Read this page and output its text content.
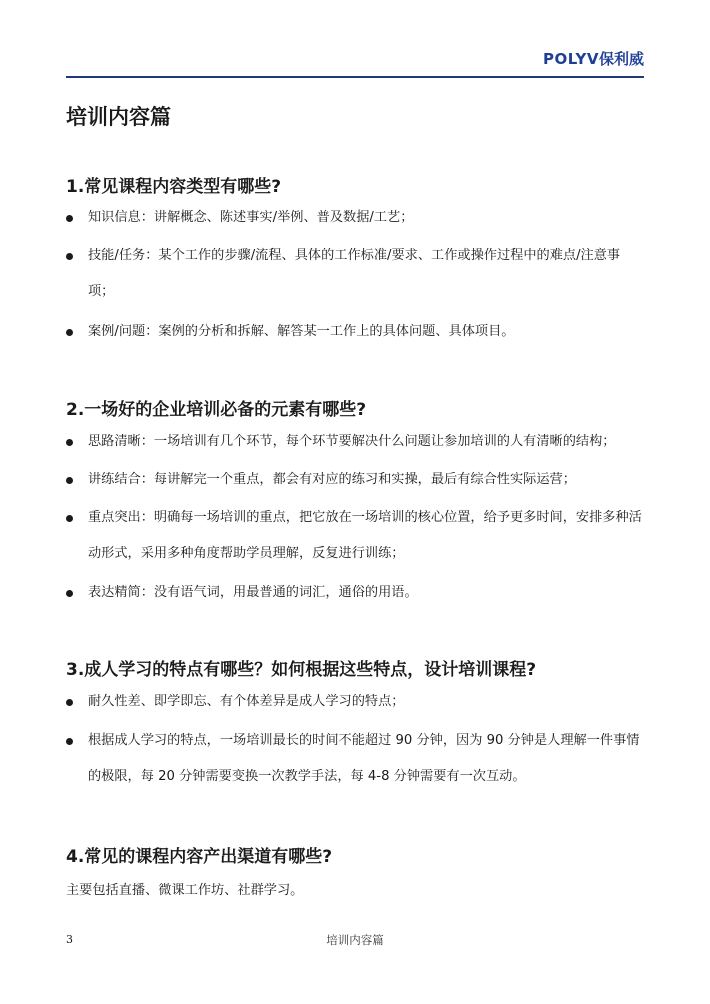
POLYV 保利威
培训内容篇
1.常见课程内容类型有哪些?
知识信息：讲解概念、陈述事实/举例、普及数据/工艺；
技能/任务：某个工作的步骤/流程、具体的工作标准/要求、工作或操作过程中的难点/注意事项；
案例/问题：案例的分析和拆解、解答某一工作上的具体问题、具体项目。
2.一场好的企业培训必备的元素有哪些?
思路清晰：一场培训有几个环节，每个环节要解决什么问题让参加培训的人有清晰的结构；
讲练结合：每讲解完一个重点，都会有对应的练习和实操，最后有综合性实际运营；
重点突出：明确每一场培训的重点，把它放在一场培训的核心位置，给予更多时间，安排多种活动形式，采用多种角度帮助学员理解，反复进行训练；
表达精简：没有语气词，用最普通的词汇，通俗的用语。
3.成人学习的特点有哪些？如何根据这些特点，设计培训课程?
耐久性差、即学即忘、有个体差异是成人学习的特点；
根据成人学习的特点，一场培训最长的时间不能超过 90 分钟，因为 90 分钟是人理解一件事情的极限，每 20 分钟需要变换一次教学手法，每 4-8 分钟需要有一次互动。
4.常见的课程内容产出渠道有哪些?
主要包括直播、微课工作坊、社群学习。
3	培训内容篇
